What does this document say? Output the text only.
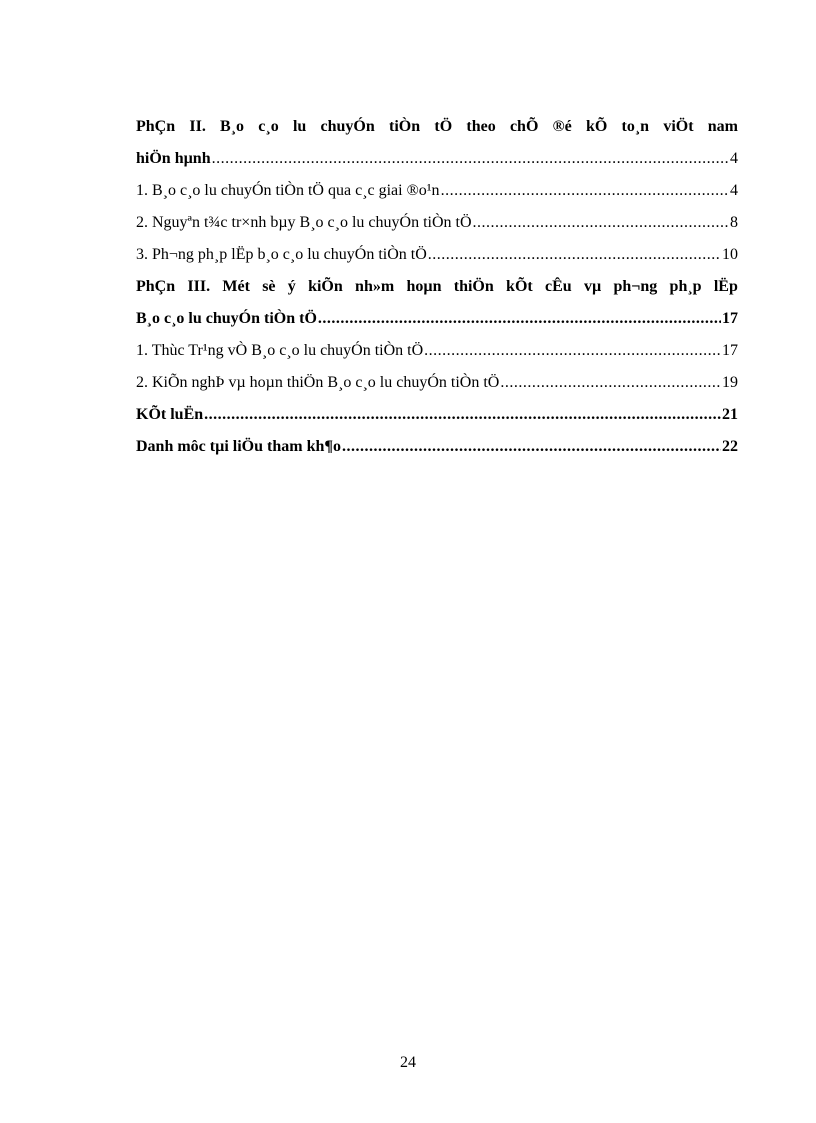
PhÇn II. B¸o c¸o lu chuyÓn tiÒn tÖ theo chÕ ®é kÕ to¸n viÖt nam
hiÖn hµnh .....	4
1. B¸o c¸o lu chuyÓn tiÒn tÖ qua c¸c giai ®o¹n .....	4
2. Nguyªn t¾c tr×nh bµy B¸o c¸o lu chuyÓn tiÒn tÖ .....	8
3. Ph¬ng ph¸p lËp b¸o c¸o lu chuyÓn tiÒn tÖ .....	10
PhÇn III. Mét sè ý kiÕn nh»m hoµn thiÖn kÕt cÊu vµ ph¬ng ph¸p lËp
B¸o c¸o lu chuyÓn tiÒn tÖ .....	17
1. Thùc Tr¹ng vÒ B¸o c¸o lu chuyÓn tiÒn tÖ .....	17
2. KiÕn nghÞ vµ hoµn thiÖn B¸o c¸o lu chuyÓn tiÒn tÖ .....	19
KÕt luËn .....	21
Danh môc tµi liÖu tham kh¶o .....	22
24
